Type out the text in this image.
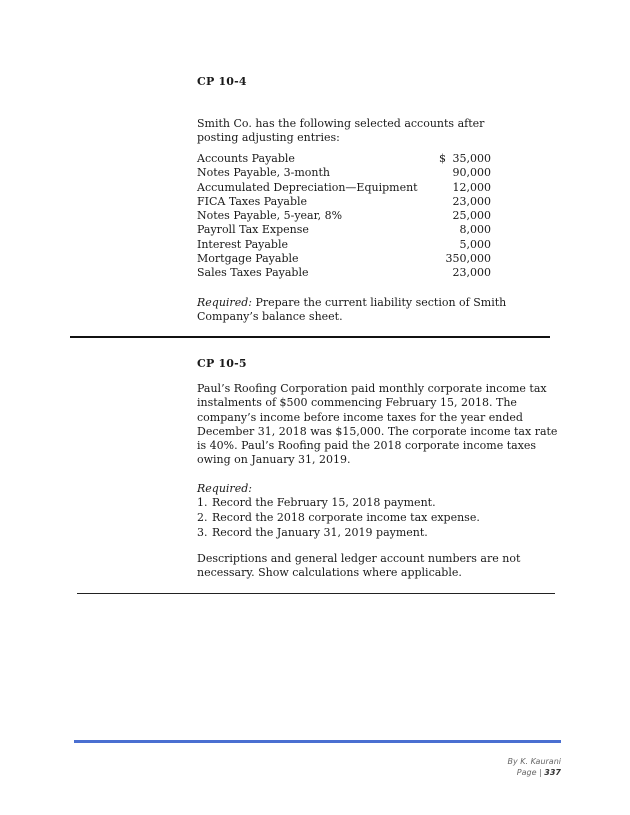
CP 10-4
Smith Co. has the following selected accounts after posting adjusting entries:
Accounts Payable	$ 35,000
Notes Payable, 3-month	90,000
Accumulated Depreciation—Equipment	12,000
FICA Taxes Payable	23,000
Notes Payable, 5-year, 8%	25,000
Payroll Tax Expense	8,000
Interest Payable	5,000
Mortgage Payable	350,000
Sales Taxes Payable	23,000
Required: Prepare the current liability section of Smith Company’s balance sheet.
CP 10-5
Paul’s Roofing Corporation paid monthly corporate income tax instalments of $500 commencing February 15, 2018. The company’s income before income taxes for the year ended December 31, 2018 was $15,000. The corporate income tax rate is 40%. Paul’s Roofing paid the 2018 corporate income taxes owing on January 31, 2019.
Required:
1. Record the February 15, 2018 payment.
2. Record the 2018 corporate income tax expense.
3. Record the January 31, 2019 payment.
Descriptions and general ledger account numbers are not necessary. Show calculations where applicable.
By K. Kaurani
Page | 337
